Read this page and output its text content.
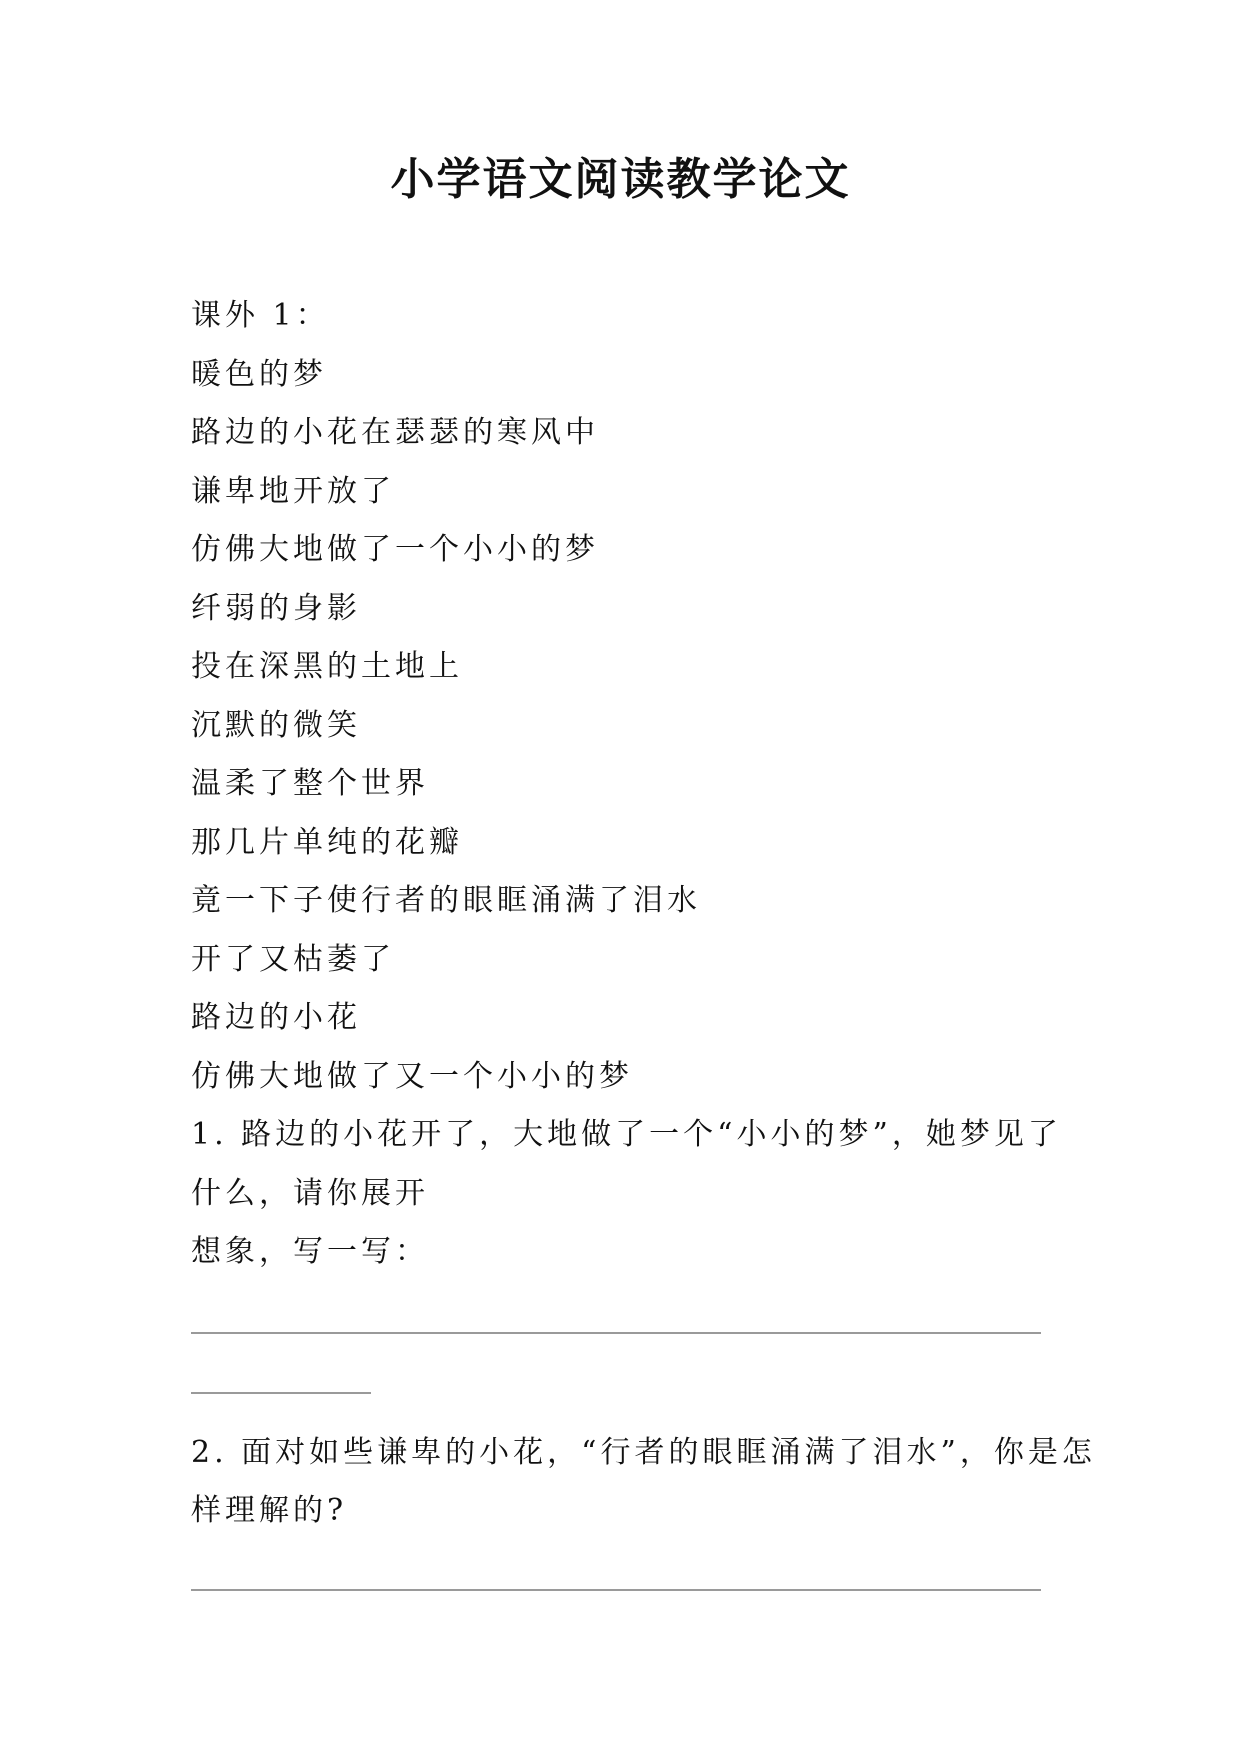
小学语文阅读教学论文
课外 1：
暖色的梦
路边的小花在瑟瑟的寒风中
谦卑地开放了
仿佛大地做了一个小小的梦
纤弱的身影
投在深黑的土地上
沉默的微笑
温柔了整个世界
那几片单纯的花瓣
竟一下子使行者的眼眶涌满了泪水
开了又枯萎了
路边的小花
仿佛大地做了又一个小小的梦
1. 路边的小花开了，大地做了一个“小小的梦”，她梦见了
什么，请你展开
想象，写一写：
2. 面对如些谦卑的小花，“行者的眼眶涌满了泪水”，你是怎
样理解的?
